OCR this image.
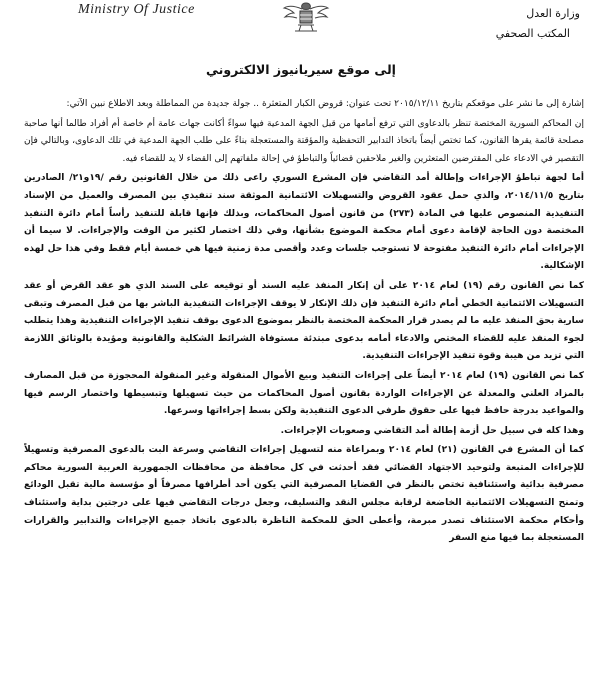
Ministry Of Justice	وزارة العدل
المكتب الصحفي
إلى موقع سيريانيوز الالكتروني

إشارة إلى ما نشر على موقعكم بتاريخ ٢٠١٥/١٢/١١ تحت عنوان: قروض الكبار المتعثرة .. جولة جديدة من المماطلة وبعد الاطلاع نبين الآتي:

إن المحاكم السورية المختصة تنظر بالدعاوى التي ترفع أمامها من قبل الجهة المدعية فيها سواءً أكانت جهات عامة أم خاصة أم أفراد طالما أنها صاحبة مصلحة قائمة يقرها القانون، كما تختص أيضاً باتخاذ التدابير التحفظية والمؤقتة والمستعجلة بناءً على طلب الجهة المدعية في تلك الدعاوى، وبالتالي فإن التقصير في الادعاء على المقترضين المتعثرين والغير ملاحقين قضائياً والتباطؤ في إحالة ملفاتهم إلى القضاء لا يد للقضاء فيه.

أما لجهة تباطؤ الإجراءات وإطالة أمد التقاضي فإن المشرع السوري راعى ذلك من خلال القانونين رقم /١٩و٢١/ الصادرين بتاريخ ٢٠١٤/١١/٥، والذي حمل عقود القروض والتسهيلات الائتمانية الموثقة سند تنفيذي بين المصرف والعميل من الإسناد التنفيذية المنصوص عليها في المادة (٢٧٣) من قانون أصول المحاكمات، وبذلك فإنها قابلة للتنفيذ رأساً أمام دائرة التنفيذ المختصة دون الحاجة لإقامة دعوى أمام محكمة الموضوع بشأنها، وفي ذلك اختصار لكثير من الوقت والإجراءات. لا سيما أن الإجراءات أمام دائرة التنفيذ مفتوحة لا تستوجب جلسات وعدد وأقصى مدة زمنية فيها هي خمسة أيام فقط وفي هذا حل لهذه الإشكالية.

كما نص القانون رقم (١٩) لعام ٢٠١٤ على أن إنكار المنفذ عليه السند أو توقيعه على السند الذي هو عقد القرض أو عقد التسهيلات الائتمانية الخطي أمام دائرة التنفيذ فإن ذلك الإنكار لا يوقف الإجراءات التنفيذية الباشر بها من قبل المصرف وتبقى سارية بحق المنفذ عليه ما لم يصدر قرار المحكمة المختصة بالنظر بموضوع الدعوى بوقف تنفيذ الإجراءات التنفيذية وهذا يتطلب لجوء المنفذ عليه للقضاء المختص والادعاء أمامه بدعوى مبتدئة مستوفاة الشرائط الشكلية والقانونية ومؤيدة بالوثائق اللازمة التي تزيد من هيبة وقوة تنفيذ الإجراءات التنفيذية.

كما نص القانون (١٩) لعام ٢٠١٤ أيضاً على إجراءات التنفيذ وبيع الأموال المنقولة وغير المنقولة المحجوزة من قبل المصارف بالمزاد العلني والمعدلة عن الإجراءات الواردة بقانون أصول المحاكمات من حيث تسهيلها وتبسيطها واختصار الرسم فيها والمواعيد بدرجة حافظ فيها على حقوق طرفي الدعوى التنفيذية ولكن بسط إجراءاتها وسرعها.

وهذا كله في سبيل حل أزمة إطالة أمد التقاضي وصعوبات الإجراءات.

كما أن المشرع في القانون (٢١) لعام ٢٠١٤ وبمراعاة منه لتسهيل إجراءات التقاضي وسرعة البت بالدعوى المصرفية وتسهيلاً للإجراءات المتبعة ولتوحيد الاجتهاد القضائي فقد أحدثت في كل محافظة من محافظات الجمهورية العربية السورية محاكم مصرفية بدائية واستئنافية تختص بالنظر في القضايا المصرفية التي يكون أحد أطرافها مصرفاً أو مؤسسة مالية تقبل الودائع وتمنح التسهيلات الائتمانية الخاضعة لرقابة مجلس النقد والتسليف، وجعل درجات التقاضي فيها على درجتين بداية واستئناف وأحكام محكمة الاستئناف تصدر مبرمة، وأعطى الحق للمحكمة الناظرة بالدعوى باتخاذ جميع الإجراءات والتدابير والقرارات المستعجلة بما فيها منع السفر
